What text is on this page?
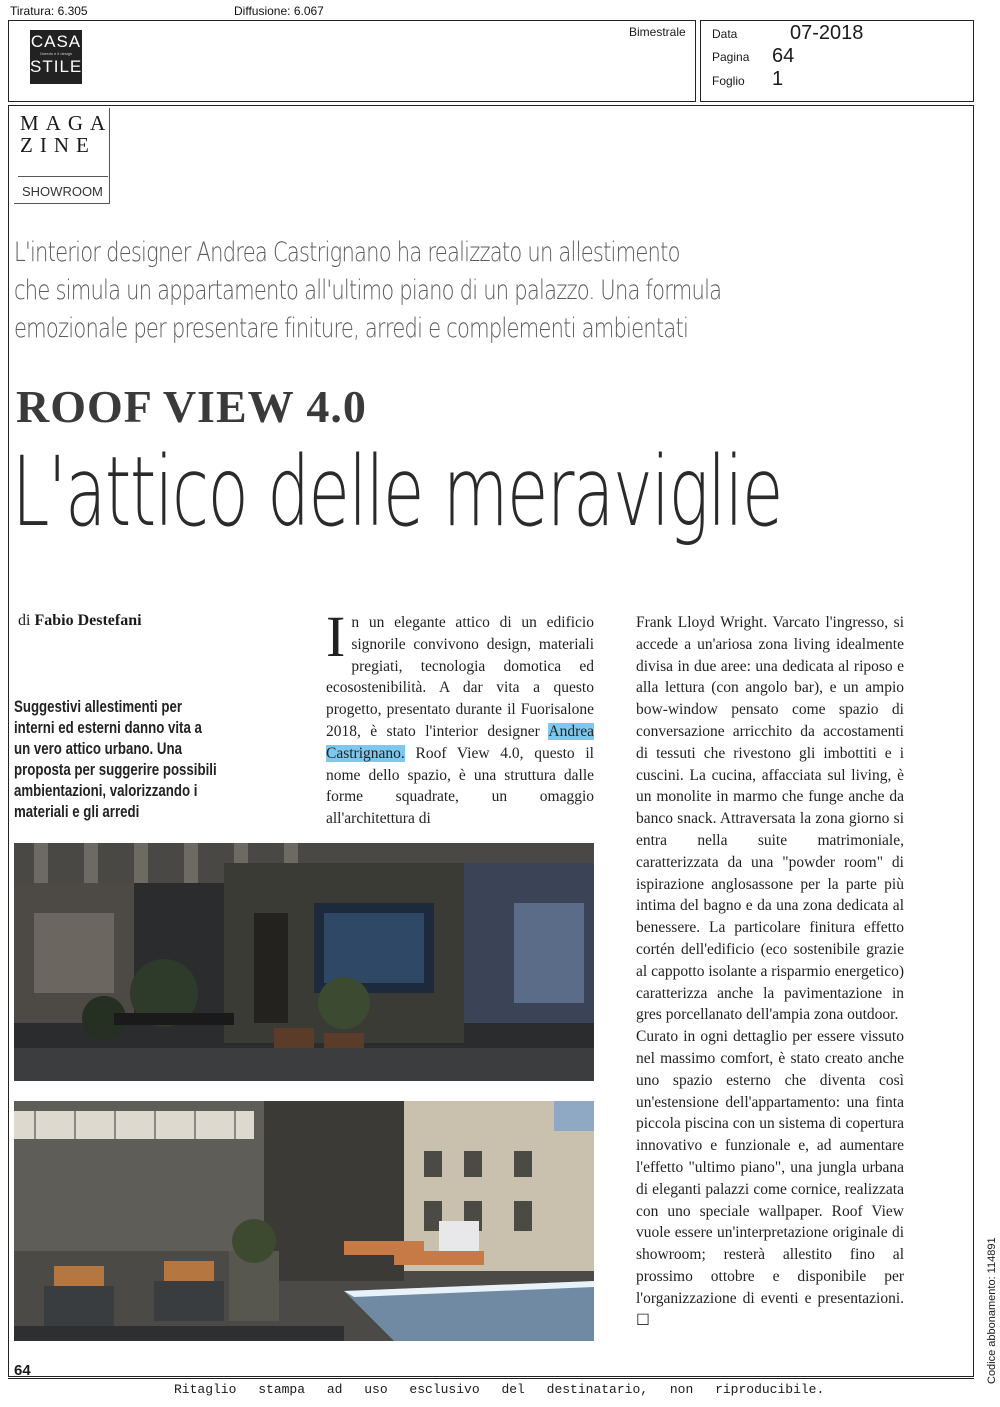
Tiratura: 6.305	Diffusione: 6.067
CASA
l'arredo e il design
STILE
Bimestrale Data	07-2018
Pagina 64
Foglio 1
MAGA
ZINE
SHOWROOM
L'interior designer Andrea Castrignano ha realizzato un allestimento
che simula un appartamento all'ultimo piano di un palazzo. Una formula
emozionale per presentare finiture, arredi e complementi ambientati
ROOF VIEW 4.0
L'attico delle meraviglie
di Fabio Destefani
Suggestivi allestimenti per interni ed esterni danno vita a un vero attico urbano. Una proposta per suggerire possibili ambientazioni, valorizzando i materiali e gli arredi
In un elegante attico di un edificio signorile convivono design, materiali pregiati, tecnologia domotica ed ecosostenibilità. A dar vita a questo progetto, presentato durante il Fuorisalone 2018, è stato l'interior designer Andrea Castrignano. Roof View 4.0, questo il nome dello spazio, è una struttura dalle forme squadrate, un omaggio all'architettura di

Frank Lloyd Wright. Varcato l'ingresso, si accede a un'ariosa zona living idealmente divisa in due aree: una dedicata al riposo e alla lettura (con angolo bar), e un ampio bow-window pensato come spazio di conversazione arricchito da accostamenti di tessuti che rivestono gli imbottiti e i cuscini. La cucina, affacciata sul living, è un monolite in marmo che funge anche da banco snack. Attraversata la zona giorno si entra nella suite matrimoniale, caratterizzata da una "powder room" di ispirazione anglosassone per la parte più intima del bagno e da una zona dedicata al benessere. La particolare finitura effetto cortén dell'edificio (eco sostenibile grazie al cappotto isolante a risparmio energetico) caratterizza anche la pavimentazione in gres porcellanato dell'ampia zona outdoor.

Curato in ogni dettaglio per essere vissuto nel massimo comfort, è stato creato anche uno spazio esterno che diventa così un'estensione dell'appartamento: una finta piccola piscina con un sistema di copertura innovativo e funzionale e, ad aumentare l'effetto "ultimo piano", una jungla urbana di eleganti palazzi come cornice, realizzata con uno speciale wallpaper. Roof View vuole essere un'interpretazione originale di showroom; resterà allestito fino al prossimo ottobre e disponibile per l'organizzazione di eventi e presentazioni. ☐

64
Ritaglio stampa ad uso esclusivo del destinatario, non riproducibile.
Codice abbonamento: 114891
